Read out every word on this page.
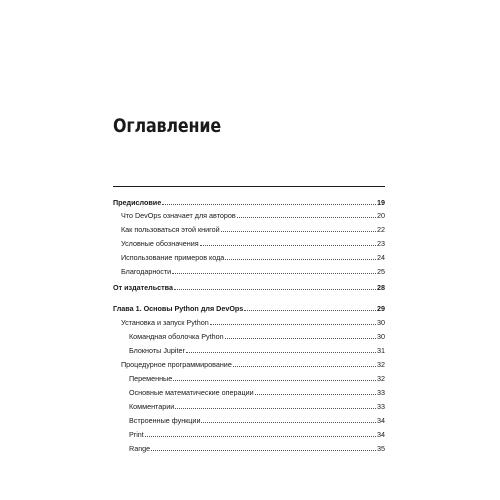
Оглавление
Предисловие	19
Что DevOps означает для авторов	20
Как пользоваться этой книгой	22
Условные обозначения	23
Использование примеров кода	24
Благодарности	25
От издательства	28
Глава 1. Основы Python для DevOps	29
Установка и запуск Python	30
Командная оболочка Python	30
Блокноты Jupiter	31
Процедурное программирование	32
Переменные	32
Основные математические операции	33
Комментарии	33
Встроенные функции	34
Print	34
Range	35
